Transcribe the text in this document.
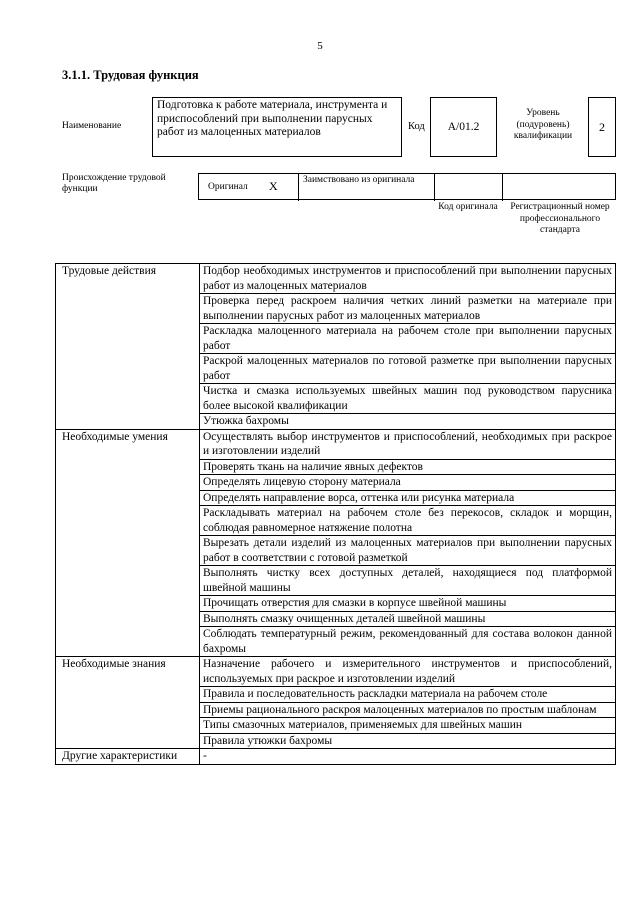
5
3.1.1. Трудовая функция
Наименование
Подготовка к работе материала, инструмента и приспособлений при выполнении парусных работ из малоценных материалов	Код	А/01.2
Уровень (подуровень) квалификации
2
Происхождение трудовой функции	Оригинал X	Заимствовано из оригинала
Код оригинала	Регистрационный номер профессионального стандарта
Трудовые действия	Подбор необходимых инструментов и приспособлений при выполнении парусных работ из малоценных материалов
	Проверка перед раскроем наличия четких линий разметки на материале при выполнении парусных работ из малоценных материалов
	Раскладка малоценного материала на рабочем столе при выполнении парусных работ
	Раскрой малоценных материалов по готовой разметке при выполнении парусных работ
	Чистка и смазка используемых швейных машин под руководством парусника более высокой квалификации
	Утюжка бахромы
Необходимые умения	Осуществлять выбор инструментов и приспособлений, необходимых при раскрое и изготовлении изделий
	Проверять ткань на наличие явных дефектов
	Определять лицевую сторону материала
	Определять направление ворса, оттенка или рисунка материала
	Раскладывать материал на рабочем столе без перекосов, складок и морщин, соблюдая равномерное натяжение полотна
	Вырезать детали изделий из малоценных материалов при выполнении парусных работ в соответствии с готовой разметкой
	Выполнять чистку всех доступных деталей, находящиеся под платформой швейной машины
	Прочищать отверстия для смазки в корпусе швейной машины
	Выполнять смазку очищенных деталей швейной машины
	Соблюдать температурный режим, рекомендованный для состава волокон данной бахромы
Необходимые знания	Назначение рабочего и измерительного инструментов и приспособлений, используемых при раскрое и изготовлении изделий
	Правила и последовательность раскладки материала на рабочем столе
	Приемы рационального раскроя малоценных материалов по простым шаблонам
	Типы смазочных материалов, применяемых для швейных машин
	Правила утюжки бахромы
Другие характеристики	-
